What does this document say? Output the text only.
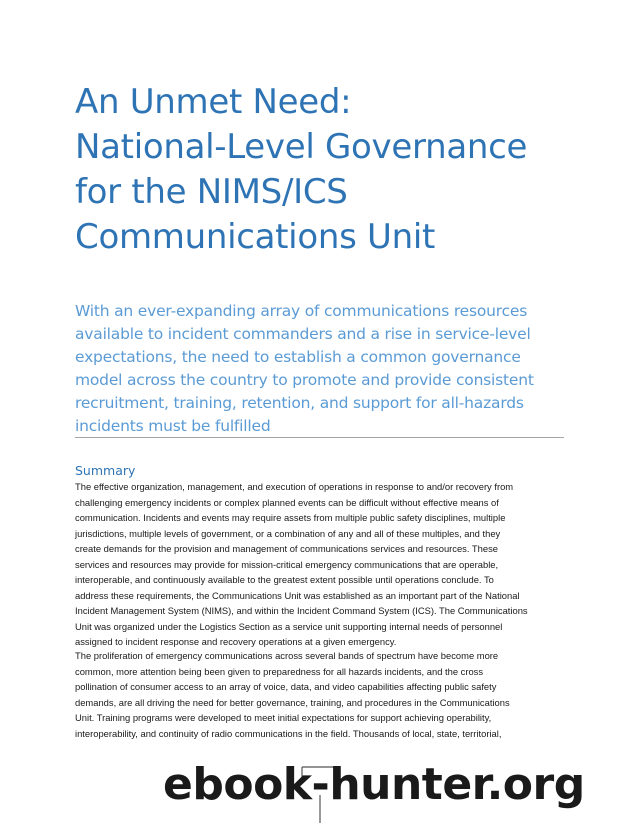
An Unmet Need:
National-Level Governance
for the NIMS/ICS
Communications Unit

With an ever-expanding array of communications resources
available to incident commanders and a rise in service-level
expectations, the need to establish a common governance
model across the country to promote and provide consistent
recruitment, training, retention, and support for all-hazards
incidents must be fulfilled

Summary

The effective organization, management, and execution of operations in response to and/or recovery from
challenging emergency incidents or complex planned events can be difficult without effective means of
communication. Incidents and events may require assets from multiple public safety disciplines, multiple
jurisdictions, multiple levels of government, or a combination of any and all of these multiples, and they
create demands for the provision and management of communications services and resources. These
services and resources may provide for mission-critical emergency communications that are operable,
interoperable, and continuously available to the greatest extent possible until operations conclude. To
address these requirements, the Communications Unit was established as an important part of the National
Incident Management System (NIMS), and within the Incident Command System (ICS). The Communications
Unit was organized under the Logistics Section as a service unit supporting internal needs of personnel
assigned to incident response and recovery operations at a given emergency.

The proliferation of emergency communications across several bands of spectrum have become more
common, more attention being been given to preparedness for all hazards incidents, and the cross
pollination of consumer access to an array of voice, data, and video capabilities affecting public safety
demands, are all driving the need for better governance, training, and procedures in the Communications
Unit. Training programs were developed to meet initial expectations for support achieving operability,
interoperability, and continuity of radio communications in the field. Thousands of local, state, territorial,

ebook-hunter.org
